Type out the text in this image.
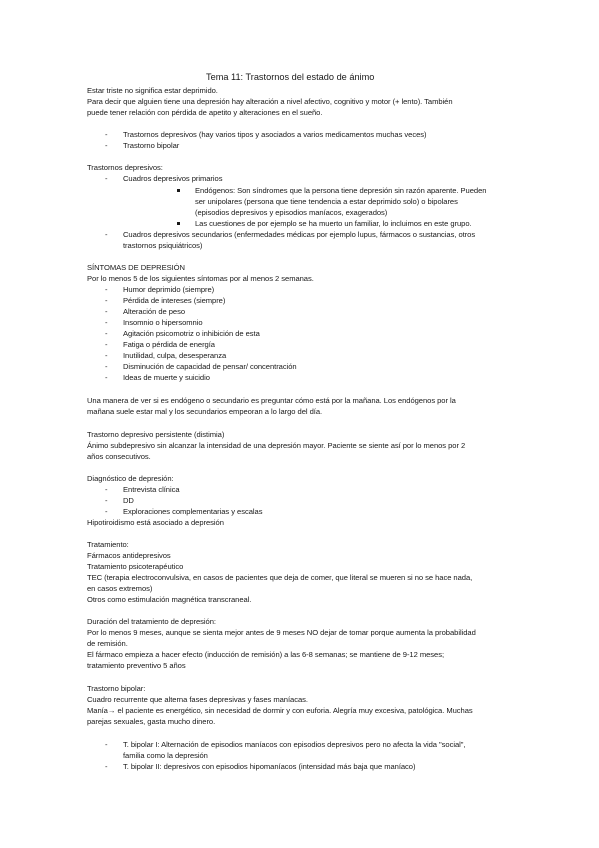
Tema 11: Trastornos del estado de ánimo
Estar triste no significa estar deprimido.
Para decir que alguien tiene una depresión hay alteración a nivel afectivo, cognitivo y motor (+ lento). También
puede tener relación con pérdida de apetito y alteraciones en el sueño.
- Trastornos depresivos (hay varios tipos y asociados a varios medicamentos muchas veces)
- Trastorno bipolar
Trastornos depresivos:
- Cuadros depresivos primarios
Endógenos: Son síndromes que la persona tiene depresión sin razón aparente. Pueden
ser unipolares (persona que tiene tendencia a estar deprimido solo) o bipolares
(episodios depresivos y episodios maníacos, exagerados)
Las cuestiones de por ejemplo se ha muerto un familiar, lo incluimos en este grupo.
- Cuadros depresivos secundarios (enfermedades médicas por ejemplo lupus, fármacos o sustancias, otros
trastornos psiquiátricos)
SÍNTOMAS DE DEPRESIÓN
Por lo menos 5 de los siguientes síntomas por al menos 2 semanas.
- Humor deprimido (siempre)
- Pérdida de intereses (siempre)
- Alteración de peso
- Insomnio o hipersomnio
- Agitación psicomotriz o inhibición de esta
- Fatiga o pérdida de energía
- Inutilidad, culpa, desesperanza
- Disminución de capacidad de pensar/ concentración
- Ideas de muerte y suicidio
Una manera de ver si es endógeno o secundario es preguntar cómo está por la mañana. Los endógenos por la
mañana suele estar mal y los secundarios empeoran a lo largo del día.
Trastorno depresivo persistente (distimia)
Ánimo subdepresivo sin alcanzar la intensidad de una depresión mayor. Paciente se siente así por lo menos por 2
años consecutivos.
Diagnóstico de depresión:
- Entrevista clínica
- DD
- Exploraciones complementarias y escalas
Hipotiroidismo está asociado a depresión
Tratamiento:
Fármacos antidepresivos
Tratamiento psicoterapéutico
TEC (terapia electroconvulsiva, en casos de pacientes que deja de comer, que literal se mueren si no se hace nada,
en casos extremos)
Otros como estimulación magnética transcraneal.
Duración del tratamiento de depresión:
Por lo menos 9 meses, aunque se sienta mejor antes de 9 meses NO dejar de tomar porque aumenta la probabilidad
de remisión.
El fármaco empieza a hacer efecto (inducción de remisión) a las 6-8 semanas; se mantiene de 9-12 meses;
tratamiento preventivo 5 años
Trastorno bipolar:
Cuadro recurrente que alterna fases depresivas y fases maníacas.
Manía→ el paciente es energético, sin necesidad de dormir y con euforia. Alegría muy excesiva, patológica. Muchas
parejas sexuales, gasta mucho dinero.
- T. bipolar I: Alternación de episodios maníacos con episodios depresivos pero no afecta la vida "social",
familia como la depresión
- T. bipolar II: depresivos con episodios hipomaníacos (intensidad más baja que maníaco)
